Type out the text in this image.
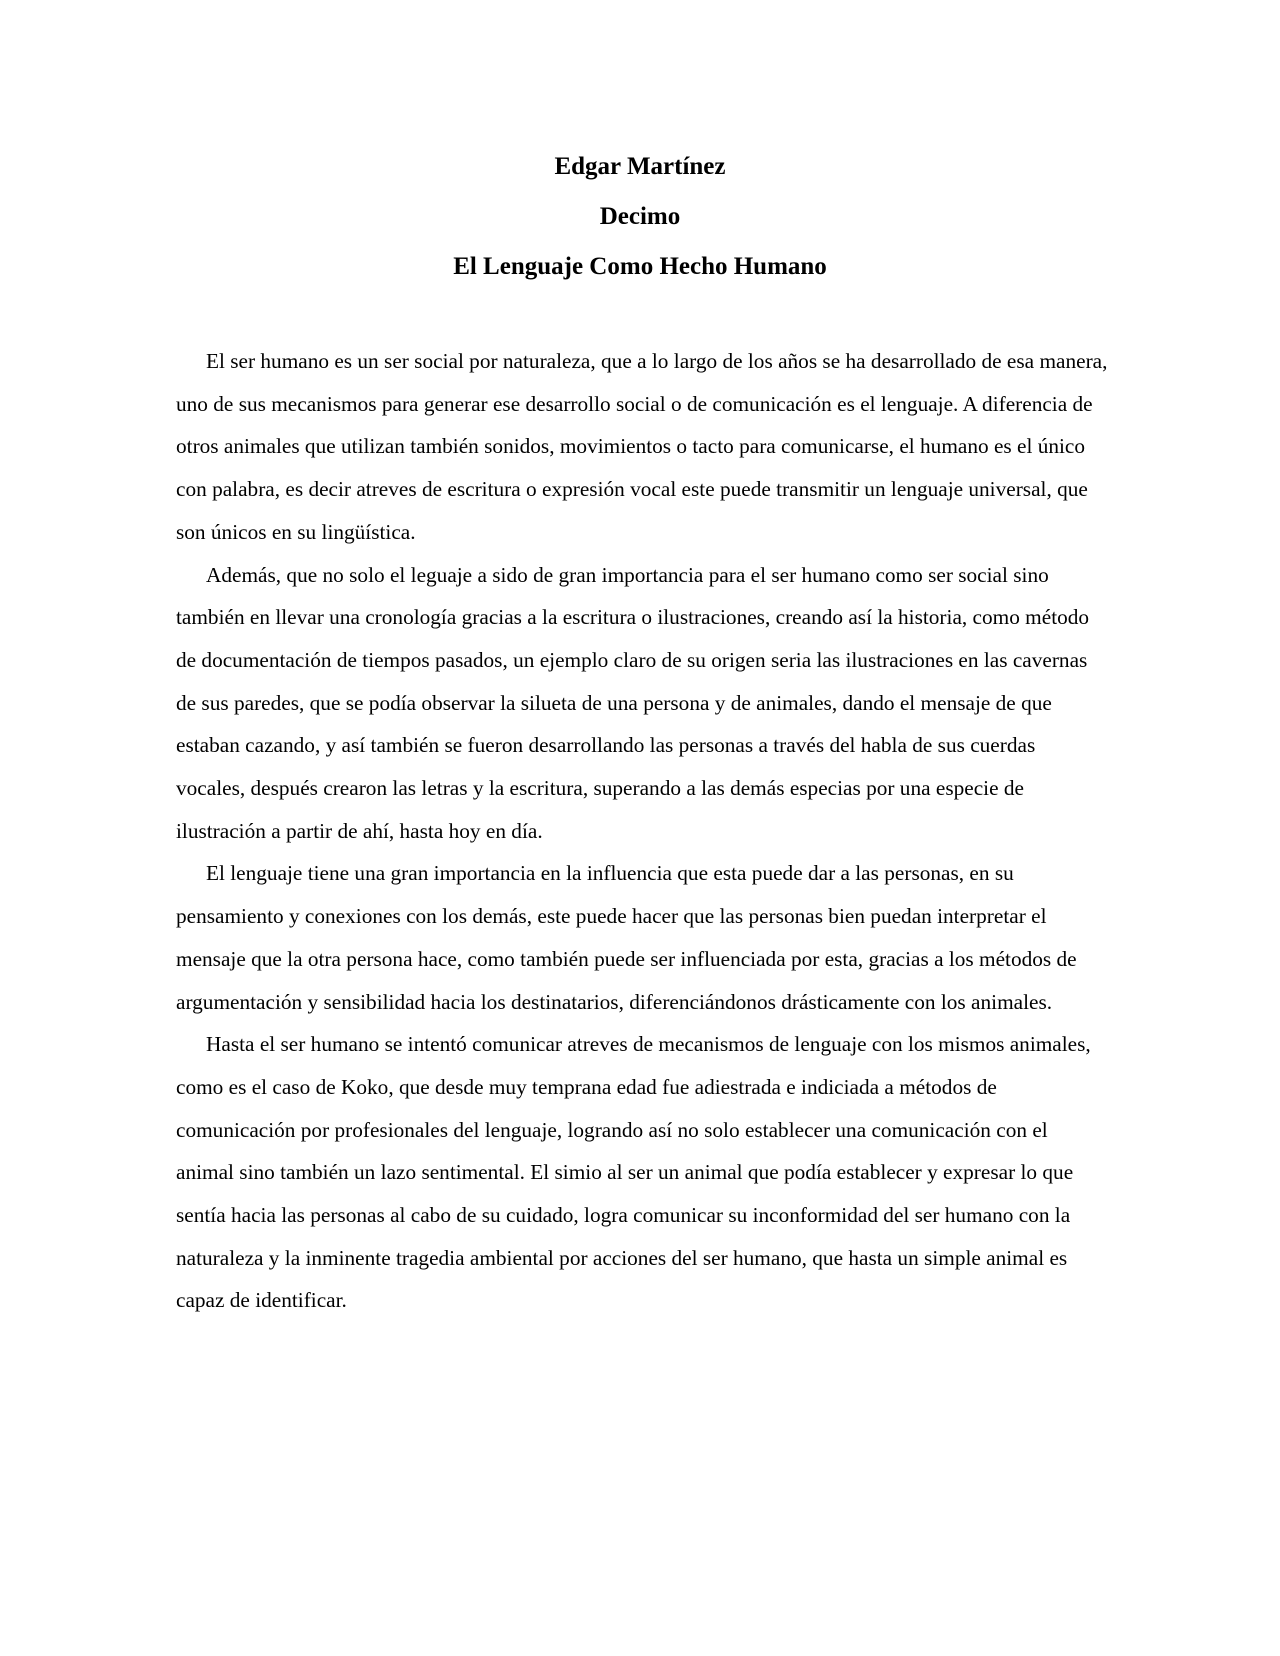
Edgar Martínez

Decimo

El Lenguaje Como Hecho Humano

El ser humano es un ser social por naturaleza, que a lo largo de los años se ha desarrollado de esa manera, uno de sus mecanismos para generar ese desarrollo social o de comunicación es el lenguaje. A diferencia de otros animales que utilizan también sonidos, movimientos o tacto para comunicarse, el humano es el único con palabra, es decir atreves de escritura o expresión vocal este puede transmitir un lenguaje universal, que son únicos en su lingüística.

Además, que no solo el leguaje a sido de gran importancia para el ser humano como ser social sino también en llevar una cronología gracias a la escritura o ilustraciones, creando así la historia, como método de documentación de tiempos pasados, un ejemplo claro de su origen seria las ilustraciones en las cavernas de sus paredes, que se podía observar la silueta de una persona y de animales, dando el mensaje de que estaban cazando, y así también se fueron desarrollando las personas a través del habla de sus cuerdas vocales, después crearon las letras y la escritura, superando a las demás especias por una especie de ilustración a partir de ahí, hasta hoy en día.

El lenguaje tiene una gran importancia en la influencia que esta puede dar a las personas, en su pensamiento y conexiones con los demás, este puede hacer que las personas bien puedan interpretar el mensaje que la otra persona hace, como también puede ser influenciada por esta, gracias a los métodos de argumentación y sensibilidad hacia los destinatarios, diferenciándonos drásticamente con los animales.

Hasta el ser humano se intentó comunicar atreves de mecanismos de lenguaje con los mismos animales, como es el caso de Koko, que desde muy temprana edad fue adiestrada e indiciada a métodos de comunicación por profesionales del lenguaje, logrando así no solo establecer una comunicación con el animal sino también un lazo sentimental. El simio al ser un animal que podía establecer y expresar lo que sentía hacia las personas al cabo de su cuidado, logra comunicar su inconformidad del ser humano con la naturaleza y la inminente tragedia ambiental por acciones del ser humano, que hasta un simple animal es capaz de identificar.
